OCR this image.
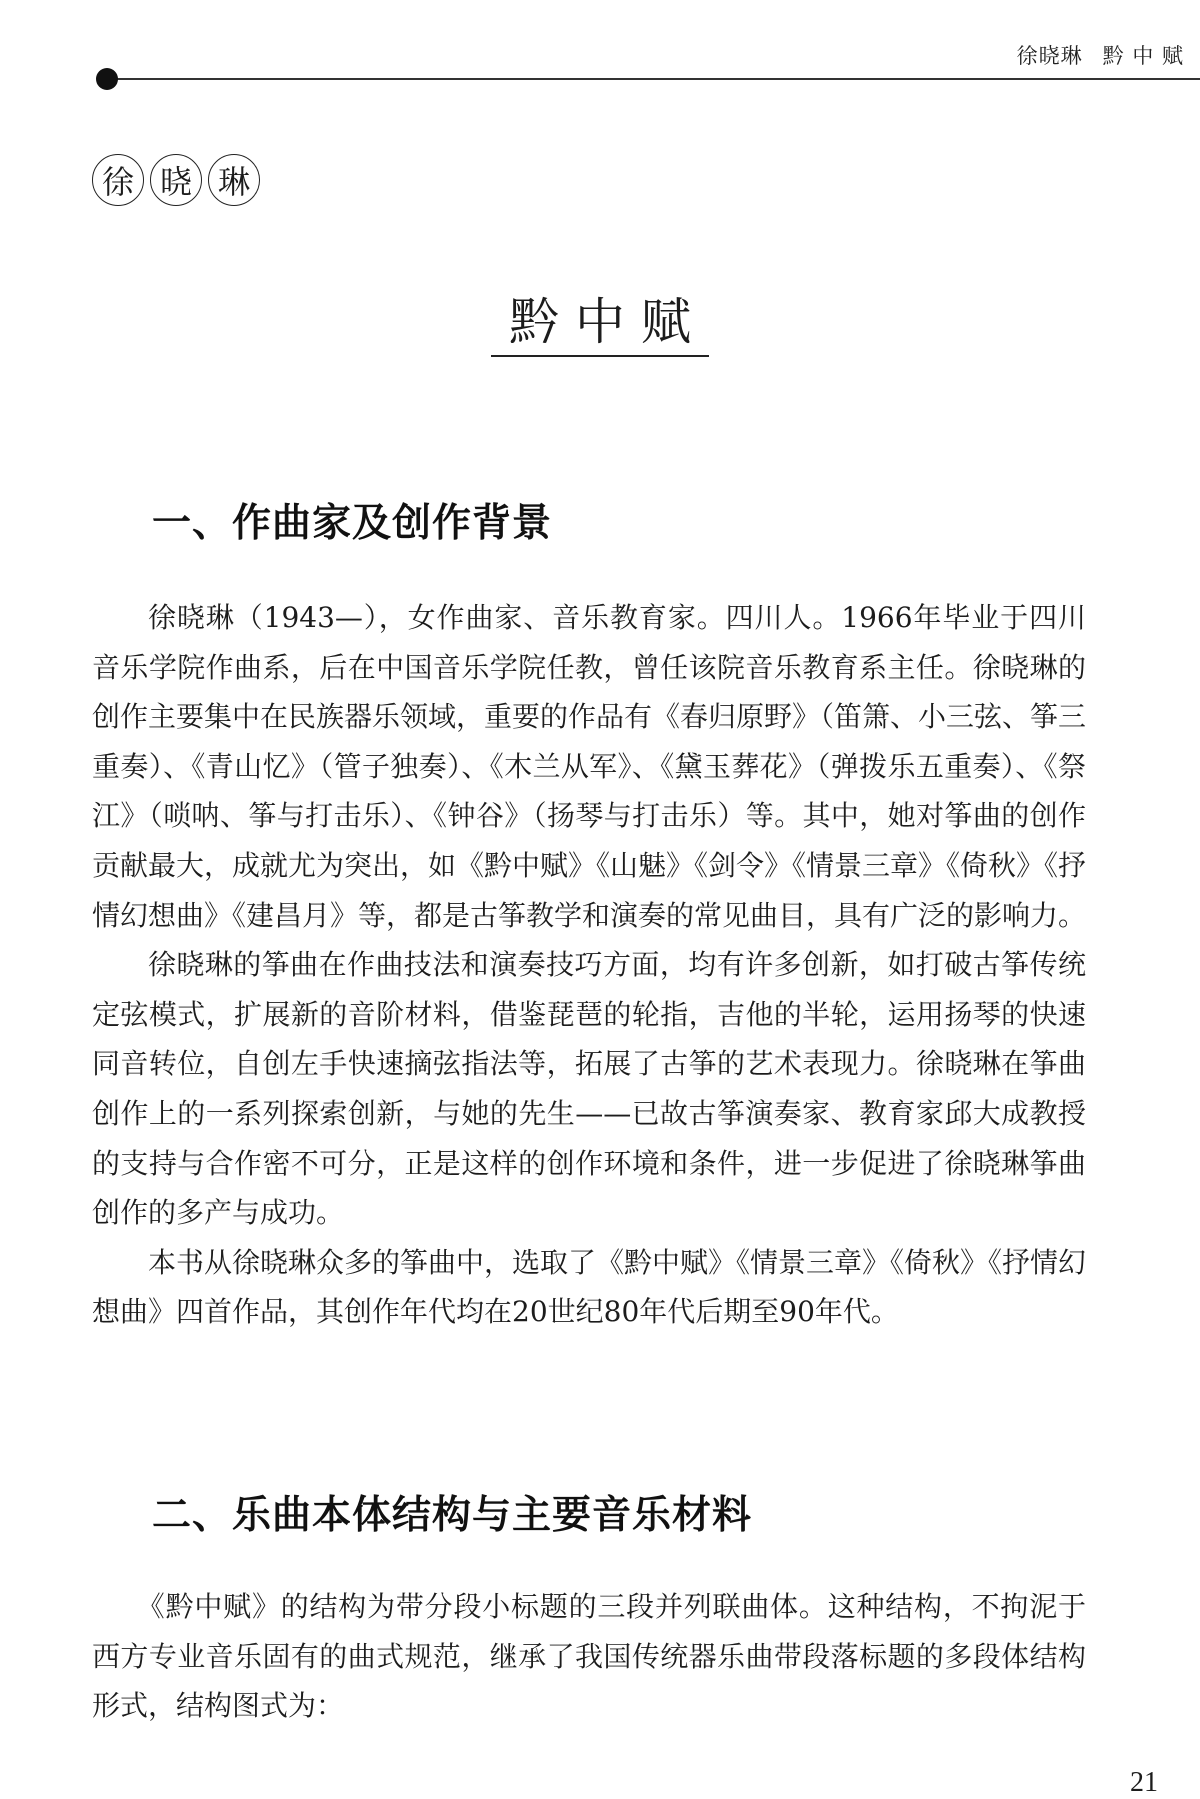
徐晓琳 黔 中 赋
徐 晓 琳
黔中赋
一、作曲家及创作背景

徐晓琳（1943—），女作曲家、音乐教育家。四川人。1966年毕业于四川音乐学院作曲系，后在中国音乐学院任教，曾任该院音乐教育系主任。徐晓琳的创作主要集中在民族器乐领域，重要的作品有《春归原野》（笛箫、小三弦、筝三重奏）、《青山忆》（管子独奏）、《木兰从军》、《黛玉葬花》（弹拨乐五重奏）、《祭江》（唢呐、筝与打击乐）、《钟谷》（扬琴与打击乐）等。其中，她对筝曲的创作贡献最大，成就尤为突出，如《黔中赋》《山魅》《剑令》《情景三章》《倚秋》《抒情幻想曲》《建昌月》等，都是古筝教学和演奏的常见曲目，具有广泛的影响力。

徐晓琳的筝曲在作曲技法和演奏技巧方面，均有许多创新，如打破古筝传统定弦模式，扩展新的音阶材料，借鉴琵琶的轮指，吉他的半轮，运用扬琴的快速同音转位，自创左手快速摘弦指法等，拓展了古筝的艺术表现力。徐晓琳在筝曲创作上的一系列探索创新，与她的先生——已故古筝演奏家、教育家邱大成教授的支持与合作密不可分，正是这样的创作环境和条件，进一步促进了徐晓琳筝曲创作的多产与成功。

本书从徐晓琳众多的筝曲中，选取了《黔中赋》《情景三章》《倚秋》《抒情幻想曲》四首作品，其创作年代均在20世纪80年代后期至90年代。

二、乐曲本体结构与主要音乐材料

《黔中赋》的结构为带分段小标题的三段并列联曲体。这种结构，不拘泥于西方专业音乐固有的曲式规范，继承了我国传统器乐曲带段落标题的多段体结构形式，结构图式为：

21
